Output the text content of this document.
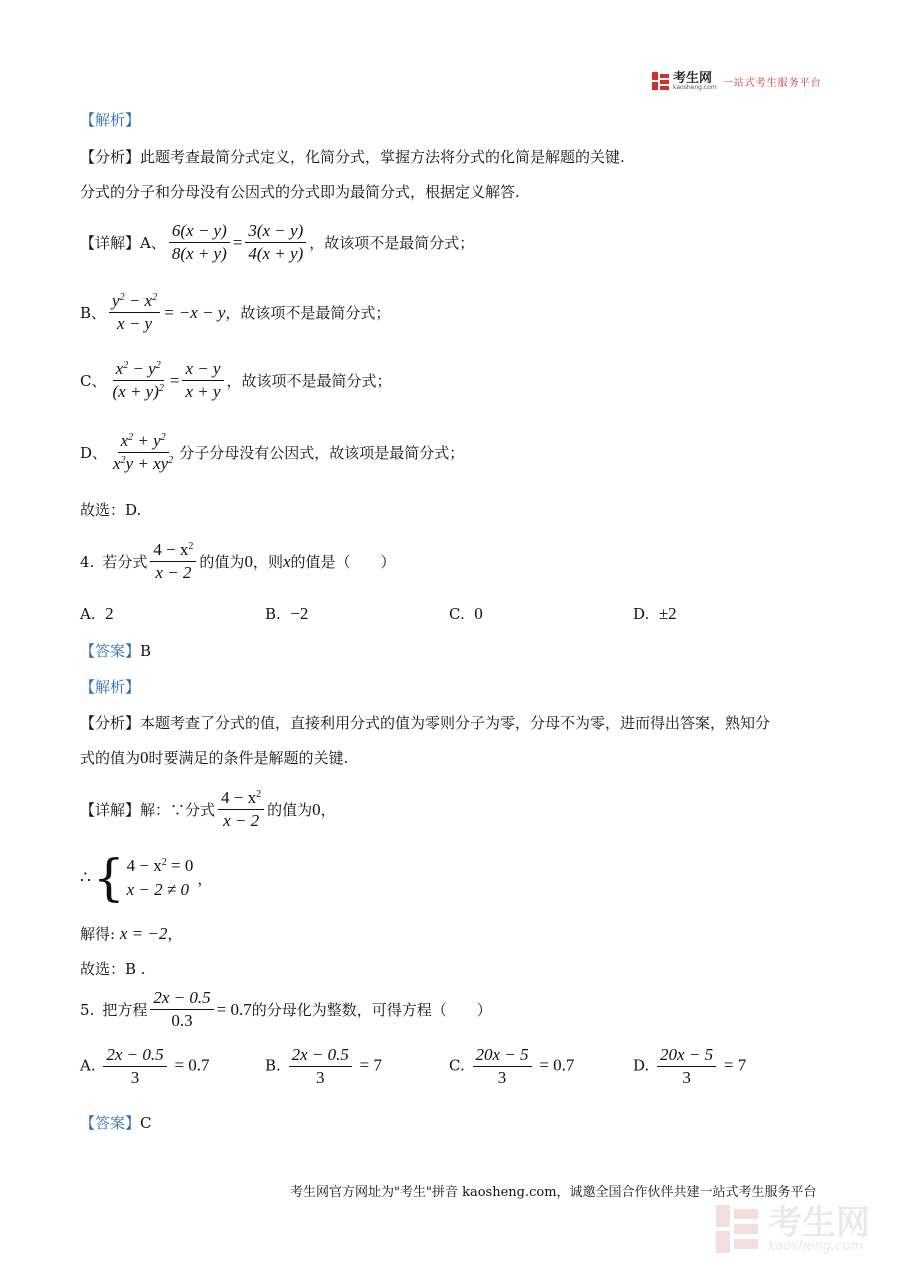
考生网
kaosheng.com 一站式考生服务平台
【解析】
【分析】此题考查最简分式定义，化简分式，掌握方法将分式的化简是解题的关键.
分式的分子和分母没有公因式的分式即为最简分式，根据定义解答.
【详解】 A、 $\frac{6(x - y)}{8(x + y)} = \frac{3(x - y)}{4(x + y)}$ ，故该项不是最简分式；
B、 $\frac{y^2 - x^2}{x - y} = -x - y$ ，故该项不是最简分式；
C、 $\frac{x^2 - y^2}{(x + y)^2} = \frac{x - y}{x + y}$ ，故该项不是最简分式；
D、 $\frac{x^2 + y^2}{x^2y + xy^2}$ 分子分母没有公因式，故该项是最简分式；
故选：D.
4. 若分式 $\frac{4 - x^2}{x - 2}$ 的值为 0 ，则 x 的值是（　　）
A. 2	B. −2	C. 0	D. ±2
【答案】B
【解析】
【分析】本题考查了分式的值，直接利用分式的值为零则分子为零，分母不为零，进而得出答案，熟知分
式的值为0时要满足的条件是解题的关键.
【详解】 解：∵分式 $\frac{4 - x^2}{x - 2}$ 的值为 0 ，
∴ { $4 - x^2 = 0$
x − 2 ≠ 0
，
解得: x = −2，
故选：B .
5. 把方程 $\frac{2x - 0.5}{0.3} = 0.7$ 的分母化为整数，可得方程（　　）
A. $\frac{2x - 0.5}{3} = 0.7$	B. $\frac{2x - 0.5}{3} = 7$	C. $\frac{20x - 5}{3} = 0.7$	D. $\frac{20x - 5}{3} = 7$
【答案】C
考生网官方网址为"考生"拼音 kaosheng.com，诚邀全国合作伙伴共建一站式考生服务平台
考生网
kaosheng.com
